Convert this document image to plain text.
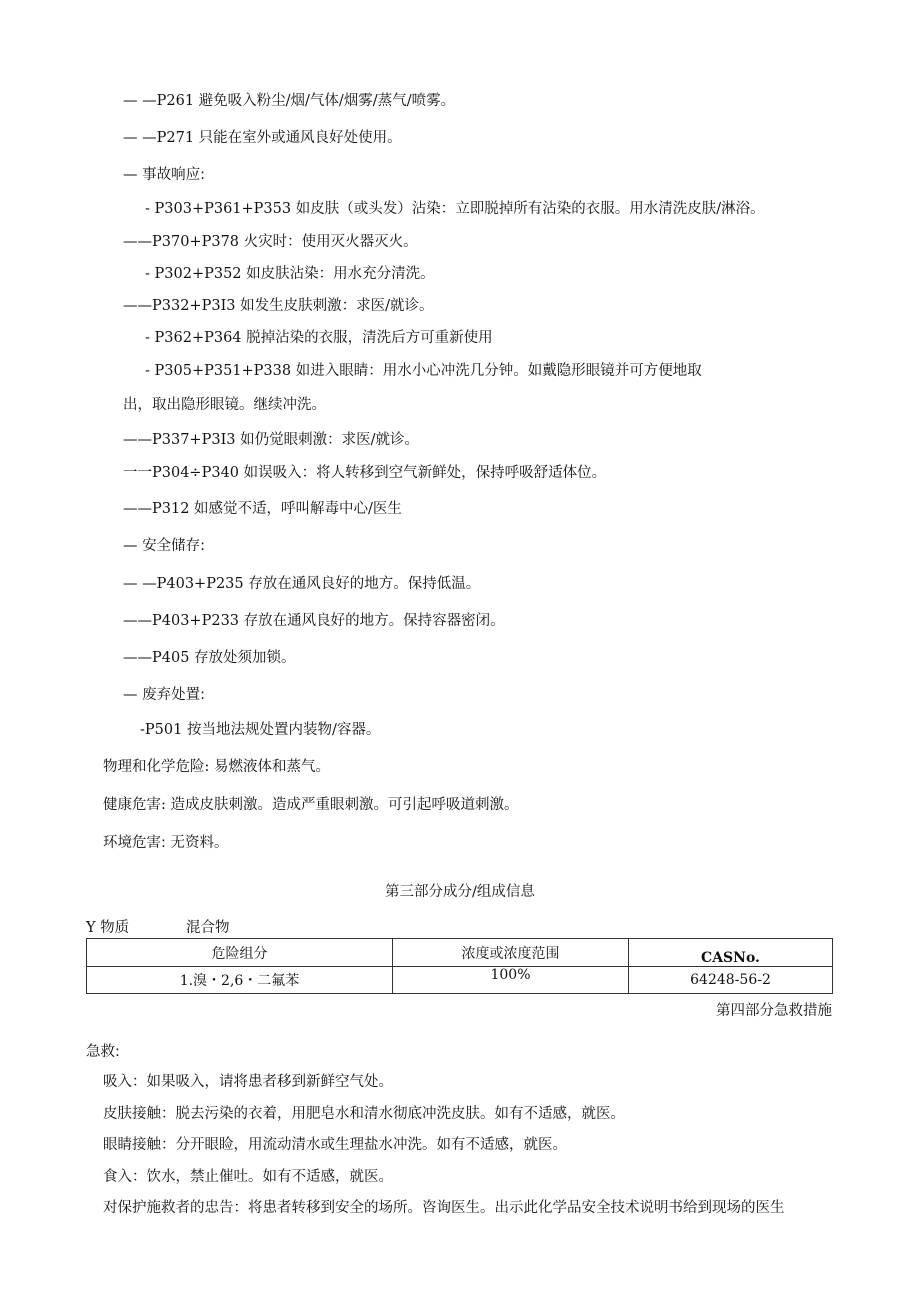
— —P261 避免吸入粉尘/烟/气体/烟雾/蒸气/喷雾。
— —P271 只能在室外或通风良好处使用。
— 事故响应:
- P303+P361+P353 如皮肤（或头发）沾染：立即脱掉所有沾染的衣服。用水清洗皮肤/淋浴。
——P370+P378 火灾时：使用灭火器灭火。
- P302+P352 如皮肤沾染：用水充分清洗。
——P332+P3I3 如发生皮肤刺激：求医/就诊。
- P362+P364 脱掉沾染的衣服，清洗后方可重新使用
- P305+P351+P338 如进入眼睛：用水小心冲洗几分钟。如戴隐形眼镜并可方便地取
出，取出隐形眼镜。继续冲洗。
——P337+P3I3 如仍觉眼刺激：求医/就诊。
一一P304÷P340 如误吸入：将人转移到空气新鲜处，保持呼吸舒适体位。
——P312 如感觉不适，呼叫解毒中心/医生
— 安全储存:
— —P403+P235 存放在通风良好的地方。保持低温。
——P403+P233 存放在通风良好的地方。保持容器密闭。
——P405 存放处须加锁。
— 废弃处置:
-P501 按当地法规处置内装物/容器。
物理和化学危险: 易燃液体和蒸气。
健康危害: 造成皮肤刺激。造成严重眼刺激。可引起呼吸道刺激。
环境危害: 无资料。
第三部分成分/组成信息
Y 物质	混合物
危险组分	浓度或浓度范围	CASNo.
1.溴・2,6・二氟苯	100%	64248-56-2
第四部分急救措施
急救:
吸入：如果吸入，请将患者移到新鲜空气处。
皮肤接触：脱去污染的衣着，用肥皂水和清水彻底冲洗皮肤。如有不适感，就医。
眼睛接触：分开眼睑，用流动清水或生理盐水冲洗。如有不适感，就医。
食入：饮水，禁止催吐。如有不适感，就医。
对保护施救者的忠告：将患者转移到安全的场所。咨询医生。出示此化学品安全技术说明书给到现场的医生
